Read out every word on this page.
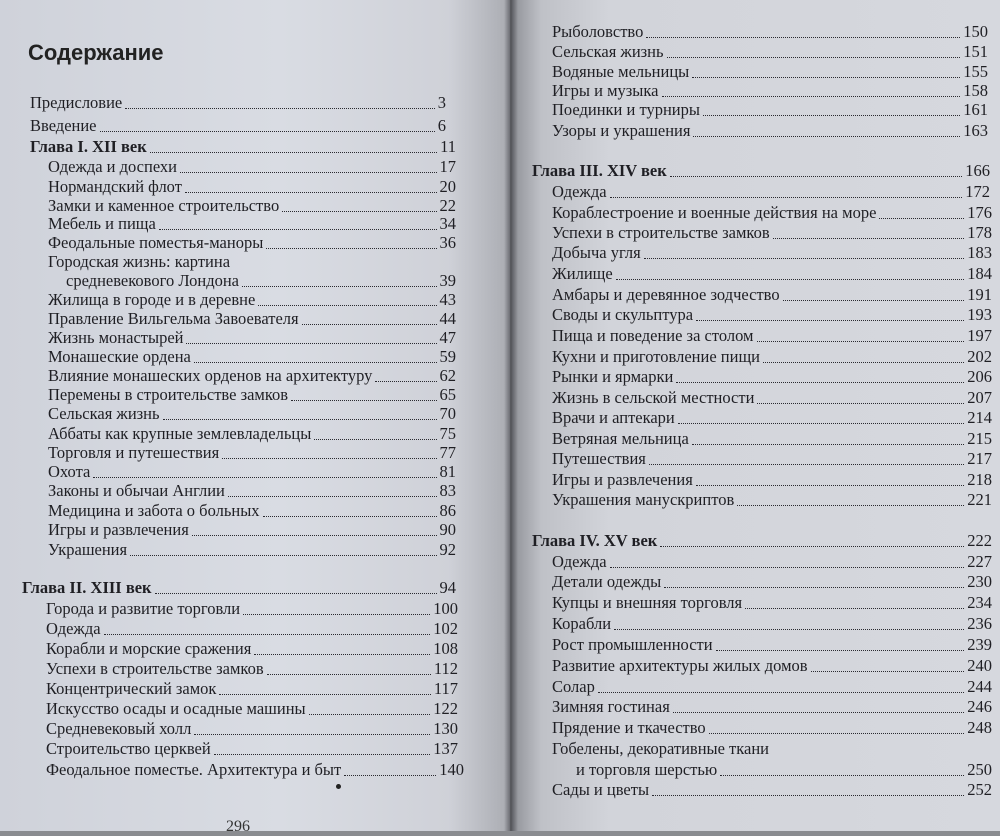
Содержание
Предисловие	3
Введение	6
Глава I. XII век	11
Одежда и доспехи	17
Нормандский флот	20
Замки и каменное строительство	22
Мебель и пища	34
Феодальные поместья-маноры	36
Городская жизнь: картина
средневекового Лондона	39
Жилища в городе и в деревне	43
Правление Вильгельма Завоевателя	44
Жизнь монастырей	47
Монашеские ордена	59
Влияние монашеских орденов на архитектуру	62
Перемены в строительстве замков	65
Сельская жизнь	70
Аббаты как крупные землевладельцы	75
Торговля и путешествия	77
Охота	81
Законы и обычаи Англии	83
Медицина и забота о больных	86
Игры и развлечения	90
Украшения	92
Глава II. XIII век	94
Города и развитие торговли	100
Одежда	102
Корабли и морские сражения	108
Успехи в строительстве замков	112
Концентрический замок	117
Искусство осады и осадные машины	122
Средневековый холл	130
Строительство церквей	137
Феодальное поместье. Архитектура и быт	140
296
Рыболовство	150
Сельская жизнь	151
Водяные мельницы	155
Игры и музыка	158
Поединки и турниры	161
Узоры и украшения	163
Глава III. XIV век	166
Одежда	172
Кораблестроение и военные действия на море	176
Успехи в строительстве замков	178
Добыча угля	183
Жилище	184
Амбары и деревянное зодчество	191
Своды и скульптура	193
Пища и поведение за столом	197
Кухни и приготовление пищи	202
Рынки и ярмарки	206
Жизнь в сельской местности	207
Врачи и аптекари	214
Ветряная мельница	215
Путешествия	217
Игры и развлечения	218
Украшения манускриптов	221
Глава IV. XV век	222
Одежда	227
Детали одежды	230
Купцы и внешняя торговля	234
Корабли	236
Рост промышленности	239
Развитие архитектуры жилых домов	240
Солар	244
Зимняя гостиная	246
Прядение и ткачество	248
Гобелены, декоративные ткани
и торговля шерстью	250
Сады и цветы	252
